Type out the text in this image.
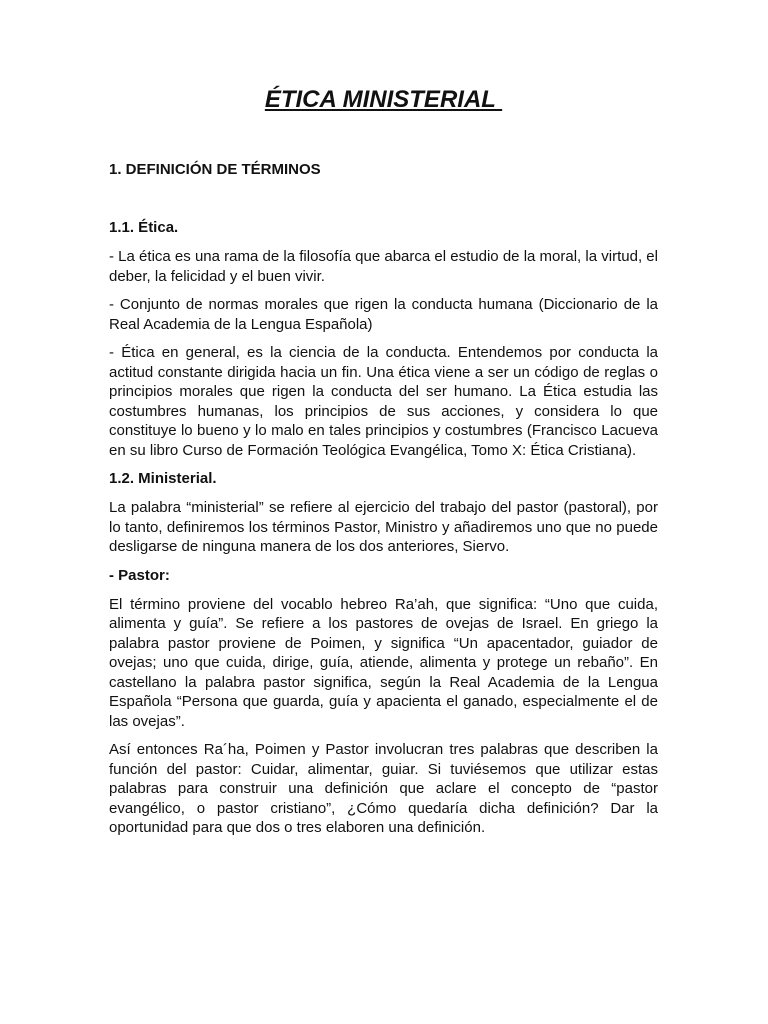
ÉTICA MINISTERIAL
1. DEFINICIÓN DE TÉRMINOS
1.1. Ética.

- La ética es una rama de la filosofía que abarca el estudio de la moral, la virtud, el deber, la felicidad y el buen vivir.

- Conjunto de normas morales que rigen la conducta humana (Diccionario de la Real Academia de la Lengua Española)

- Ética en general, es la ciencia de la conducta. Entendemos por conducta la actitud constante dirigida hacia un fin. Una ética viene a ser un código de reglas o principios morales que rigen la conducta del ser humano. La Ética estudia las costumbres humanas, los principios de sus acciones, y considera lo que constituye lo bueno y lo malo en tales principios y costumbres (Francisco Lacueva en su libro Curso de Formación Teológica Evangélica, Tomo X: Ética Cristiana).

1.2. Ministerial.

La palabra “ministerial” se refiere al ejercicio del trabajo del pastor (pastoral), por lo tanto, definiremos los términos Pastor, Ministro y añadiremos uno que no puede desligarse de ninguna manera de los dos anteriores, Siervo.

- Pastor:

El término proviene del vocablo hebreo Ra’ah, que significa: “Uno que cuida, alimenta y guía”. Se refiere a los pastores de ovejas de Israel. En griego la palabra pastor proviene de Poimen, y significa “Un apacentador, guiador de ovejas; uno que cuida, dirige, guía, atiende, alimenta y protege un rebaño”. En castellano la palabra pastor significa, según la Real Academia de la Lengua Española “Persona que guarda, guía y apacienta el ganado, especialmente el de las ovejas”.

Así entonces Ra´ha, Poimen y Pastor involucran tres palabras que describen la función del pastor: Cuidar, alimentar, guiar. Si tuviésemos que utilizar estas palabras para construir una definición que aclare el concepto de “pastor evangélico, o pastor cristiano”, ¿Cómo quedaría dicha definición? Dar la oportunidad para que dos o tres elaboren una definición.
